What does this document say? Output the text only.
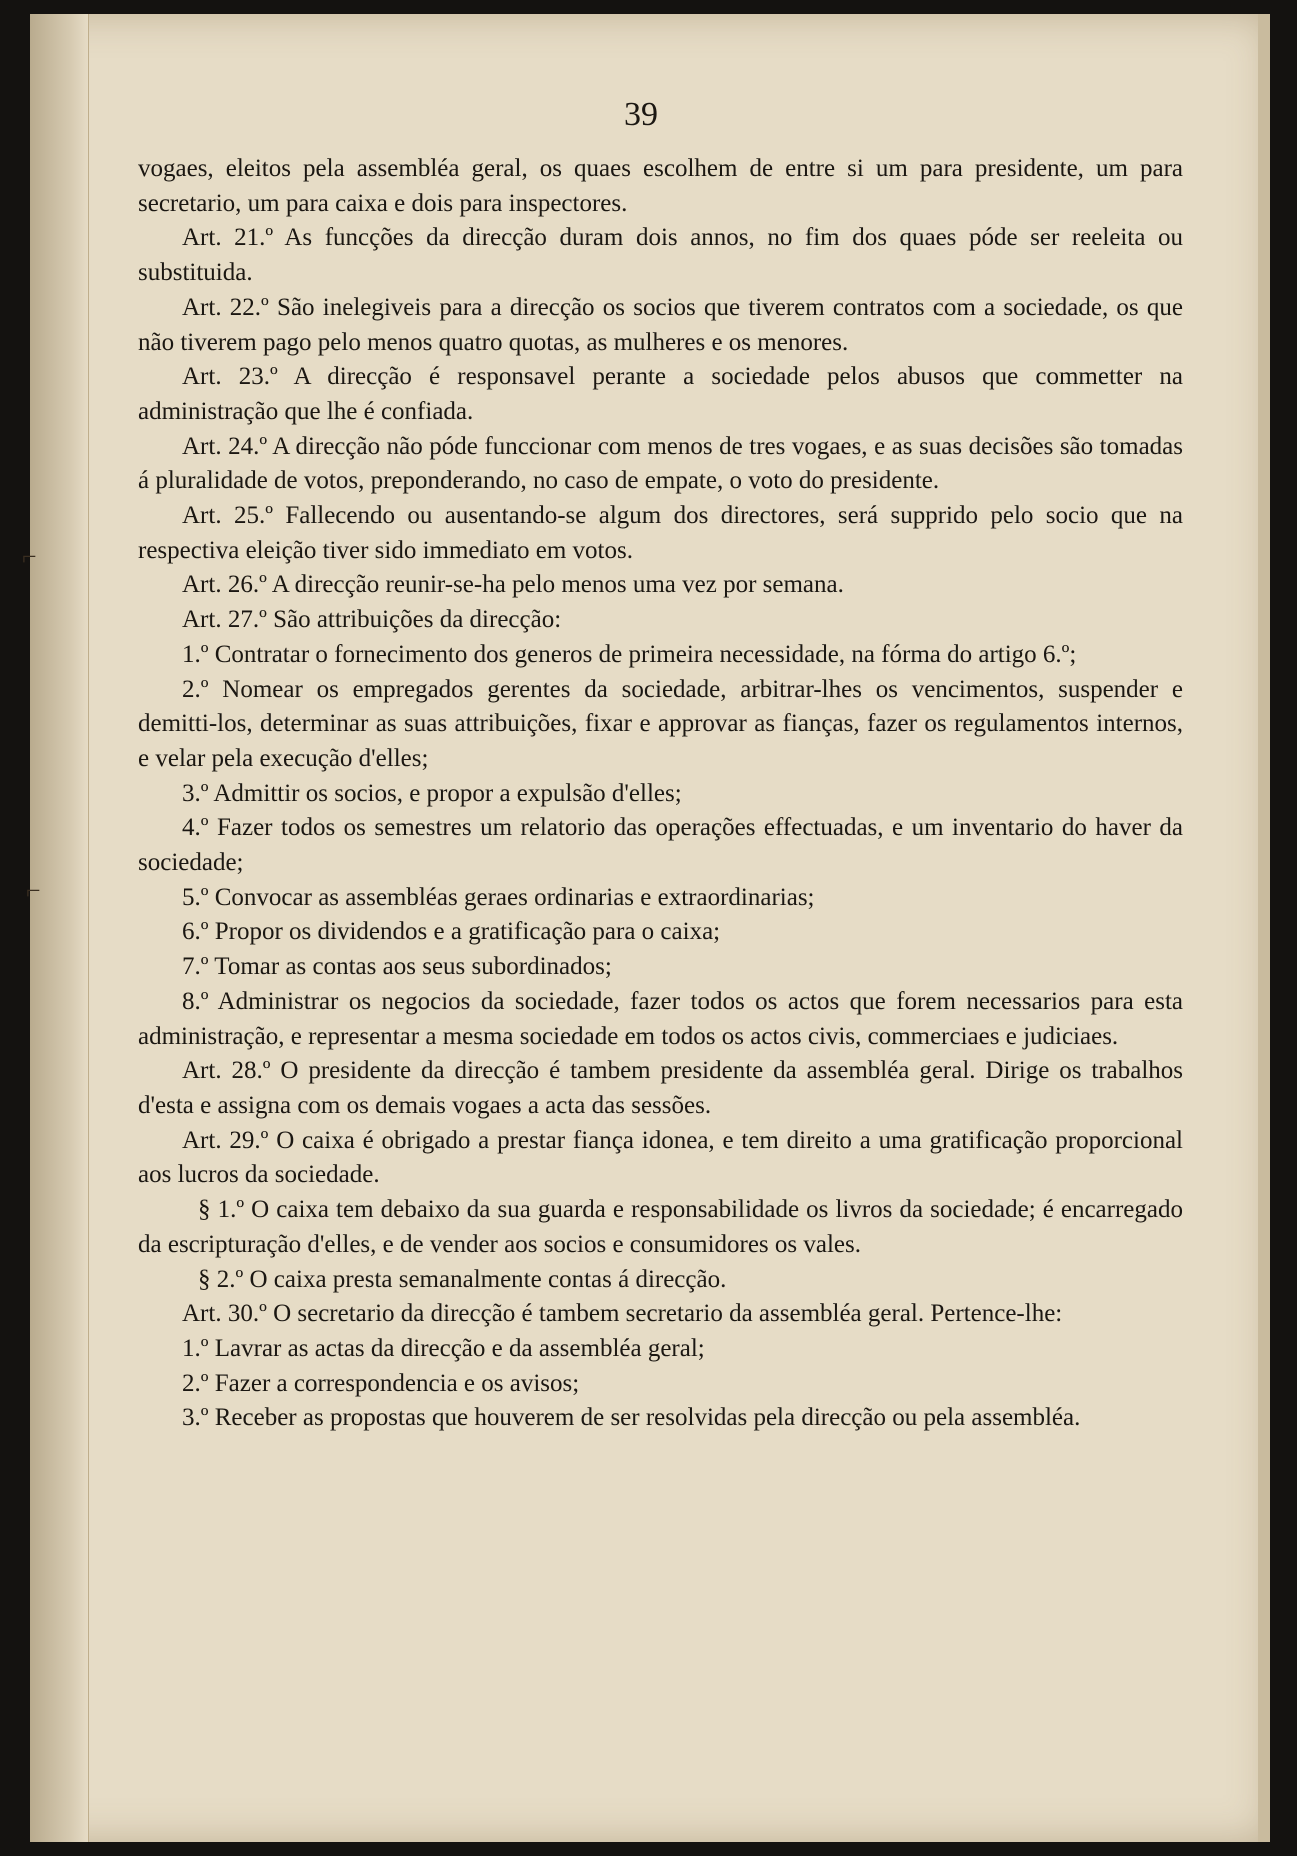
⌐
⌐
39

vogaes, eleitos pela assembléa geral, os quaes escolhem de entre si um para presidente, um para secretario, um para caixa e dois para inspectores.

Art. 21.º As funcções da direcção duram dois annos, no fim dos quaes póde ser reeleita ou substituida.

Art. 22.º São inelegiveis para a direcção os socios que tiverem contratos com a sociedade, os que não tiverem pago pelo menos quatro quotas, as mulheres e os menores.

Art. 23.º A direcção é responsavel perante a sociedade pelos abusos que commetter na administração que lhe é confiada.

Art. 24.º A direcção não póde funccionar com menos de tres vogaes, e as suas decisões são tomadas á pluralidade de votos, preponderando, no caso de empate, o voto do presidente.

Art. 25.º Fallecendo ou ausentando-se algum dos directores, será supprido pelo socio que na respectiva eleição tiver sido immediato em votos.

Art. 26.º A direcção reunir-se-ha pelo menos uma vez por semana.

Art. 27.º São attribuições da direcção:

1.º Contratar o fornecimento dos generos de primeira necessidade, na fórma do artigo 6.º;

2.º Nomear os empregados gerentes da sociedade, arbitrar-lhes os vencimentos, suspender e demitti-los, determinar as suas attribuições, fixar e approvar as fianças, fazer os regulamentos internos, e velar pela execução d'elles;

3.º Admittir os socios, e propor a expulsão d'elles;

4.º Fazer todos os semestres um relatorio das operações effectuadas, e um inventario do haver da sociedade;

5.º Convocar as assembléas geraes ordinarias e extraordinarias;

6.º Propor os dividendos e a gratificação para o caixa;

7.º Tomar as contas aos seus subordinados;

8.º Administrar os negocios da sociedade, fazer todos os actos que forem necessarios para esta administração, e representar a mesma sociedade em todos os actos civis, commerciaes e judiciaes.

Art. 28.º O presidente da direcção é tambem presidente da assembléa geral. Dirige os trabalhos d'esta e assigna com os demais vogaes a acta das sessões.

Art. 29.º O caixa é obrigado a prestar fiança idonea, e tem direito a uma gratificação proporcional aos lucros da sociedade.

§ 1.º O caixa tem debaixo da sua guarda e responsabilidade os livros da sociedade; é encarregado da escripturação d'elles, e de vender aos socios e consumidores os vales.

§ 2.º O caixa presta semanalmente contas á direcção.

Art. 30.º O secretario da direcção é tambem secretario da assembléa geral. Pertence-lhe:

1.º Lavrar as actas da direcção e da assembléa geral;

2.º Fazer a correspondencia e os avisos;

3.º Receber as propostas que houverem de ser resolvidas pela direcção ou pela assembléa.
